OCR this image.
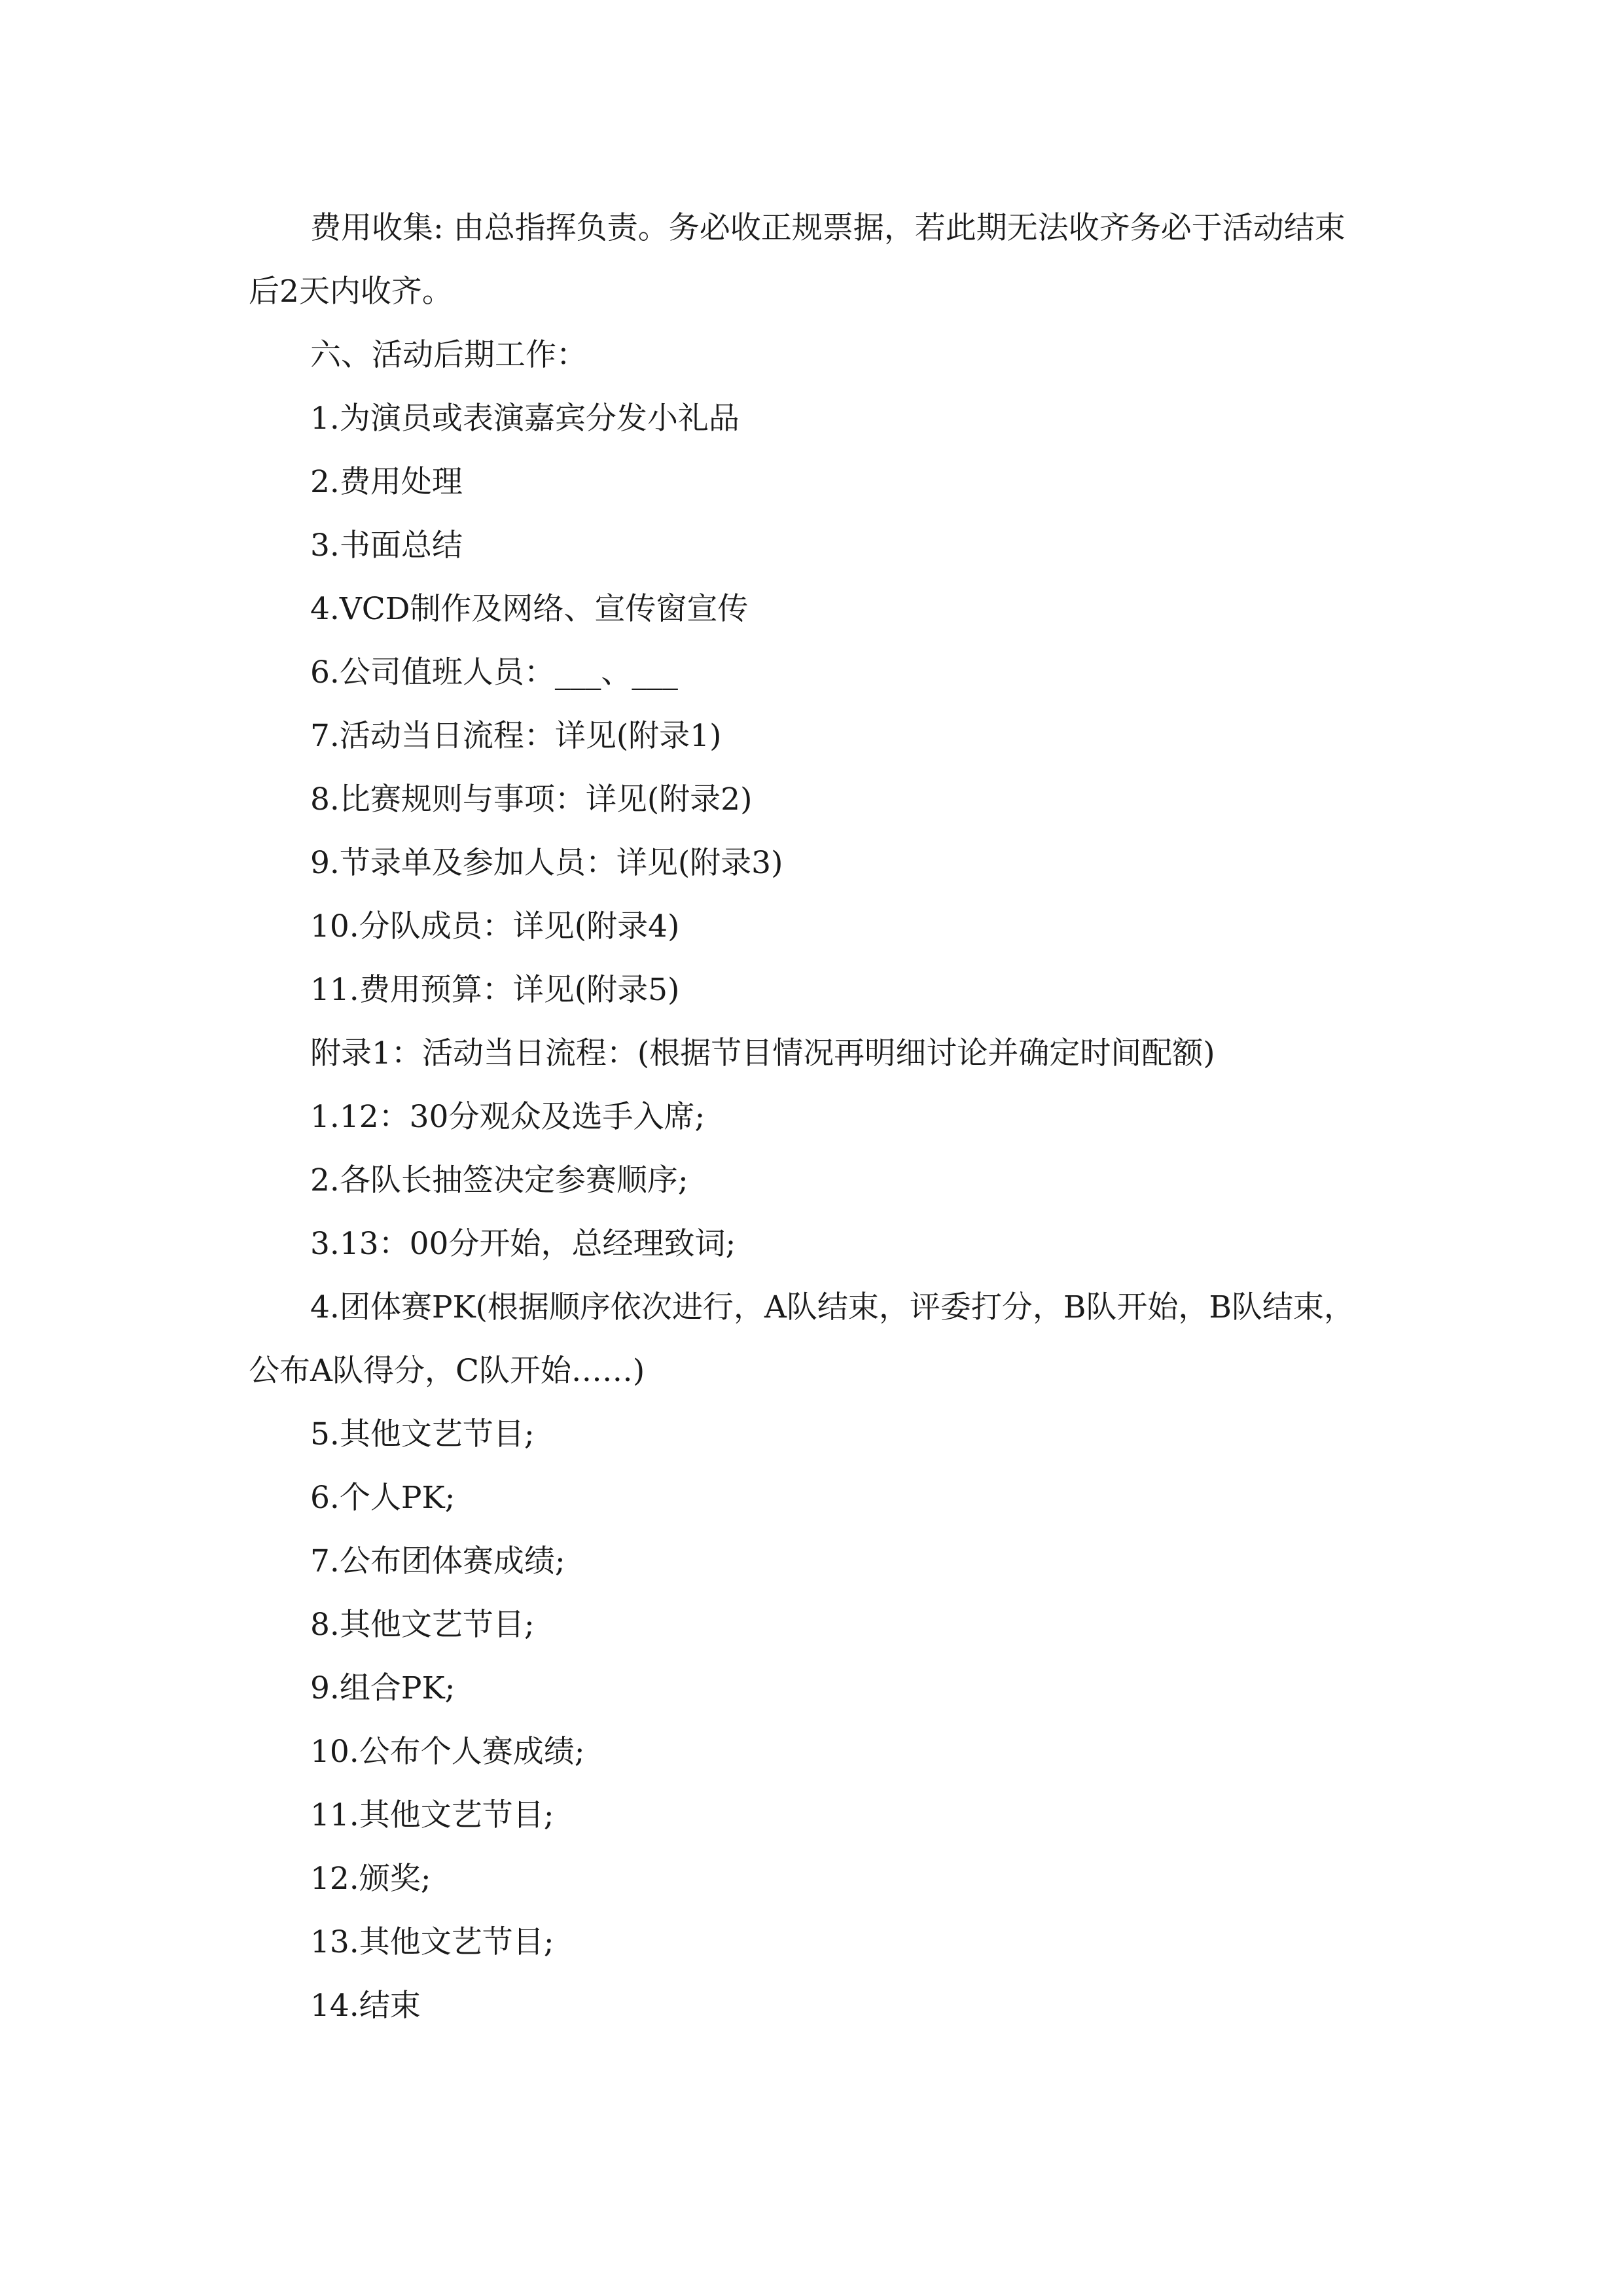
费用收集: 由总指挥负责。务必收正规票据，若此期无法收齐务必于活动结束后2天内收齐。

六、活动后期工作：

1.为演员或表演嘉宾分发小礼品

2.费用处理

3.书面总结

4.VCD制作及网络、宣传窗宣传

6.公司值班人员：___、___

7.活动当日流程：详见(附录1)

8.比赛规则与事项：详见(附录2)

9.节录单及参加人员：详见(附录3)

10.分队成员：详见(附录4)

11.费用预算：详见(附录5)

附录1：活动当日流程：(根据节目情况再明细讨论并确定时间配额)

1.12：30分观众及选手入席;

2.各队长抽签决定参赛顺序;

3.13：00分开始，总经理致词;

4.团体赛PK(根据顺序依次进行，A队结束，评委打分，B队开始，B队结束，公布A队得分，C队开始……)

5.其他文艺节目;

6.个人PK;

7.公布团体赛成绩;

8.其他文艺节目;

9.组合PK;

10.公布个人赛成绩;

11.其他文艺节目;

12.颁奖;

13.其他文艺节目;

14.结束
